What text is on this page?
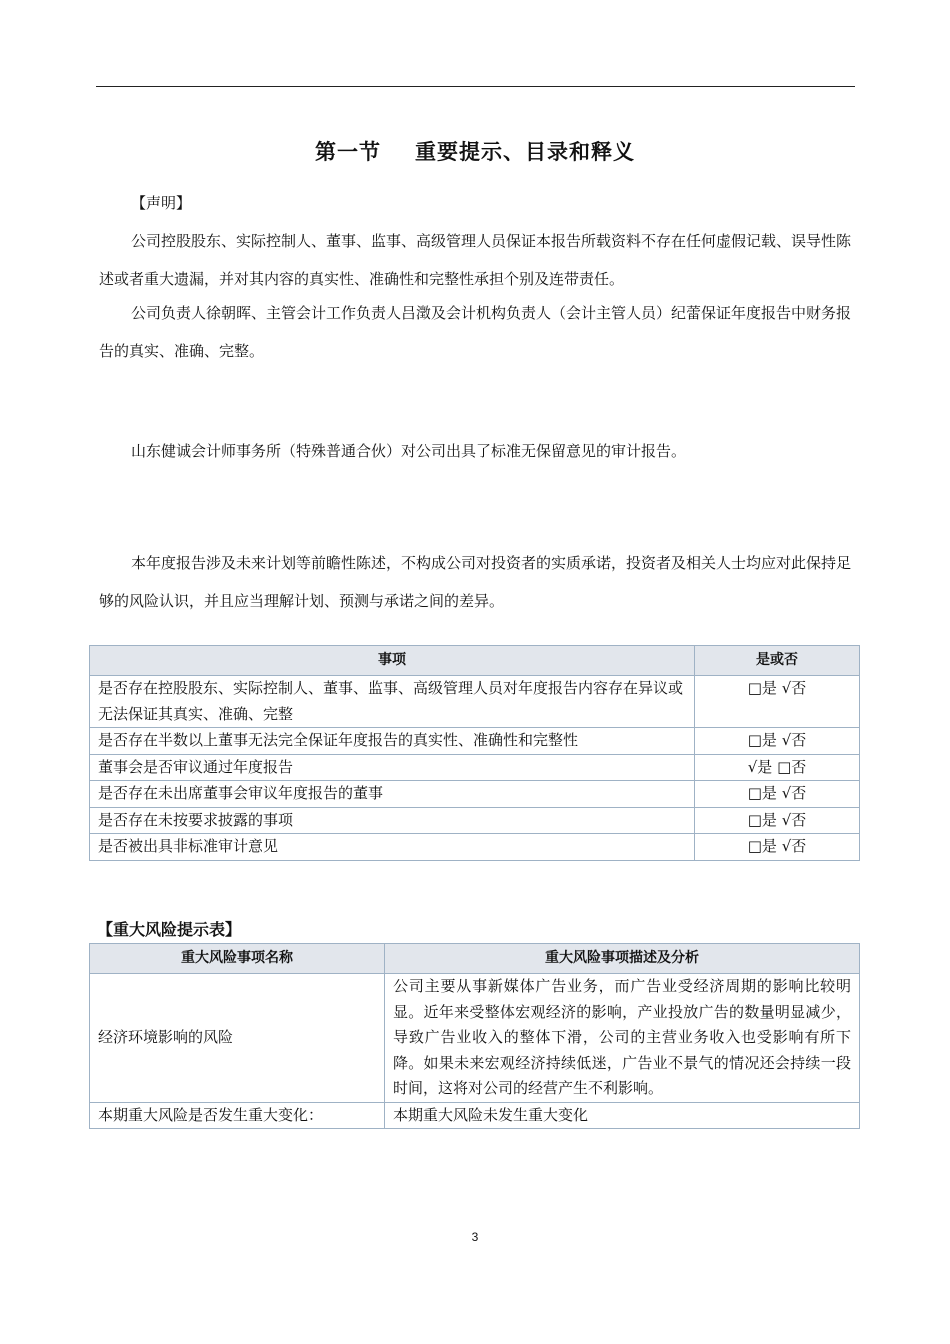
第一节 重要提示、目录和释义
【声明】
公司控股股东、实际控制人、董事、监事、高级管理人员保证本报告所载资料不存在任何虚假记载、误导性陈述或者重大遗漏，并对其内容的真实性、准确性和完整性承担个别及连带责任。
公司负责人徐朝晖、主管会计工作负责人吕澂及会计机构负责人（会计主管人员）纪蕾保证年度报告中财务报告的真实、准确、完整。
山东健诚会计师事务所（特殊普通合伙）对公司出具了标准无保留意见的审计报告。
本年度报告涉及未来计划等前瞻性陈述，不构成公司对投资者的实质承诺，投资者及相关人士均应对此保持足够的风险认识，并且应当理解计划、预测与承诺之间的差异。
事项	是或否
是否存在控股股东、实际控制人、董事、监事、高级管理人员对年度报告内容存在异议或无法保证其真实、准确、完整	□是 √否
是否存在半数以上董事无法完全保证年度报告的真实性、准确性和完整性	□是 √否
董事会是否审议通过年度报告	√是 □否
是否存在未出席董事会审议年度报告的董事	□是 √否
是否存在未按要求披露的事项	□是 √否
是否被出具非标准审计意见	□是 √否
【重大风险提示表】
重大风险事项名称	重大风险事项描述及分析
经济环境影响的风险	公司主要从事新媒体广告业务，而广告业受经济周期的影响比较明显。近年来受整体宏观经济的影响，产业投放广告的数量明显减少，导致广告业收入的整体下滑，公司的主营业务收入也受影响有所下降。如果未来宏观经济持续低迷，广告业不景气的情况还会持续一段时间，这将对公司的经营产生不利影响。
本期重大风险是否发生重大变化：	本期重大风险未发生重大变化
3
